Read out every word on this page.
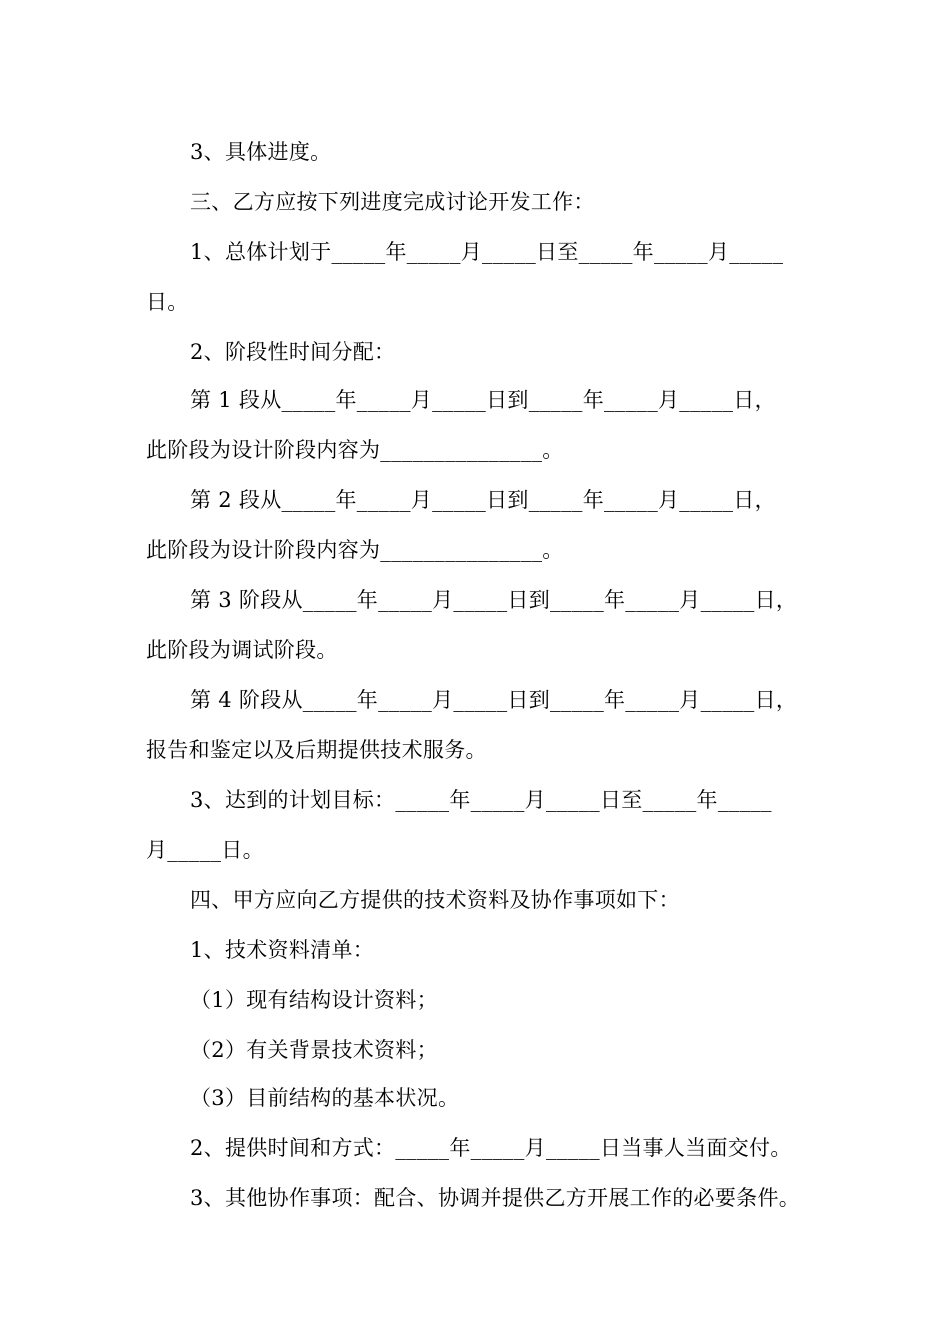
3、具体进度。
三、乙方应按下列进度完成讨论开发工作：
1、总体计划于_____年_____月_____日至_____年_____月_____
日。
2、阶段性时间分配：
第 1 段从_____年_____月_____日到_____年_____月_____日，
此阶段为设计阶段内容为_______________。
第 2 段从_____年_____月_____日到_____年_____月_____日，
此阶段为设计阶段内容为_______________。
第 3 阶段从_____年_____月_____日到_____年_____月_____日，
此阶段为调试阶段。
第 4 阶段从_____年_____月_____日到_____年_____月_____日，
报告和鉴定以及后期提供技术服务。
3、达到的计划目标：_____年_____月_____日至_____年_____
月_____日。
四、甲方应向乙方提供的技术资料及协作事项如下：
1、技术资料清单：
（1）现有结构设计资料；
（2）有关背景技术资料；
（3）目前结构的基本状况。
2、提供时间和方式：_____年_____月_____日当事人当面交付。
3、其他协作事项：配合、协调并提供乙方开展工作的必要条件。
